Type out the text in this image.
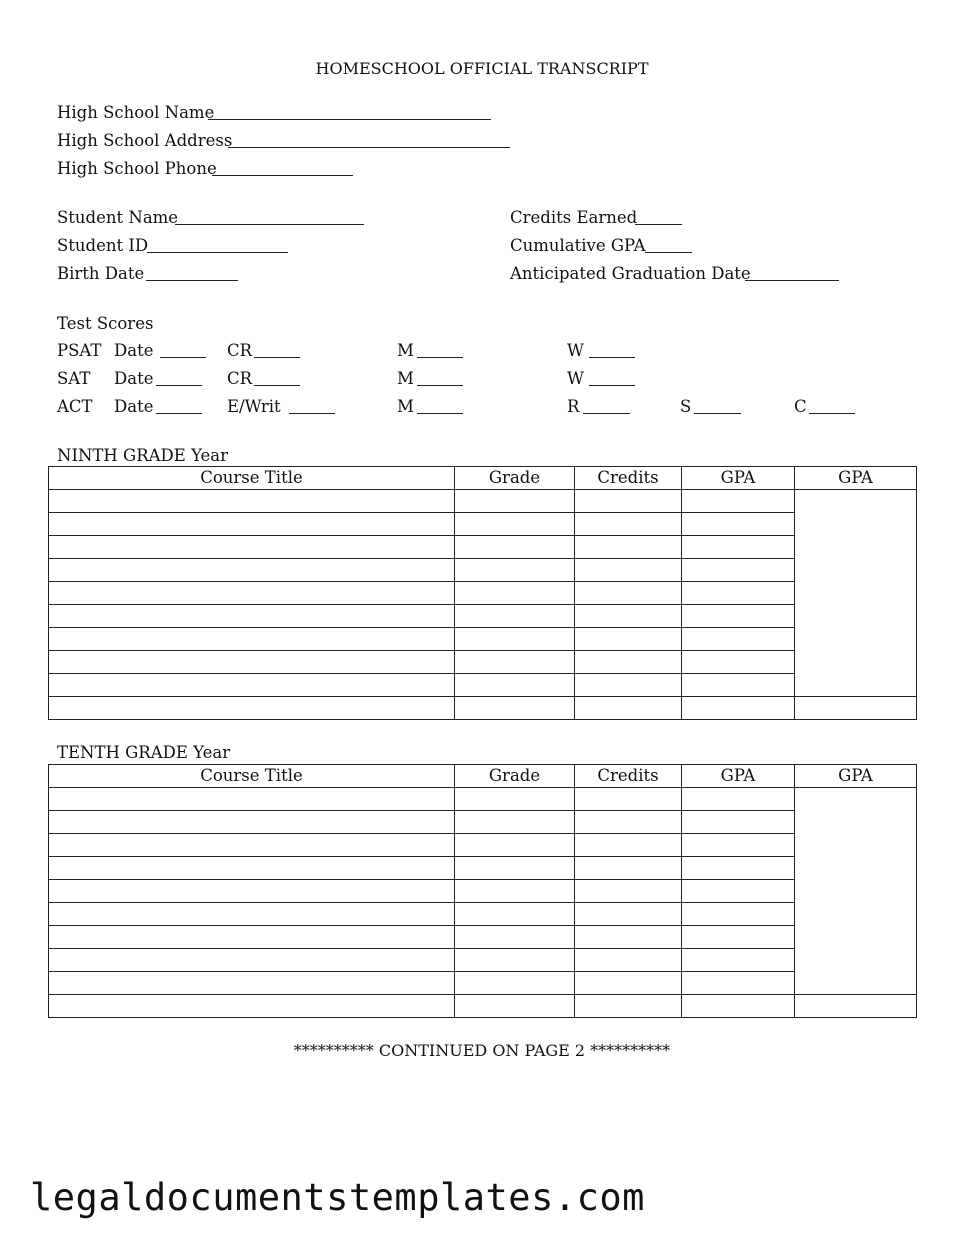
HOMESCHOOL OFFICIAL TRANSCRIPT
High School Name
High School Address
High School Phone
Student Name
Student ID
Birth Date
Credits Earned
Cumulative GPA
Anticipated Graduation Date
Test Scores
PSAT Date	CR	M	W
SAT Date	CR	M	W
ACT Date	E/Writ	M	R	S	C
NINTH GRADE Year
Course Title	Grade	Credits	GPA	GPA

TENTH GRADE Year
Course Title	Grade	Credits	GPA	GPA

********** CONTINUED ON PAGE 2 **********
legaldocumentstemplates.com
